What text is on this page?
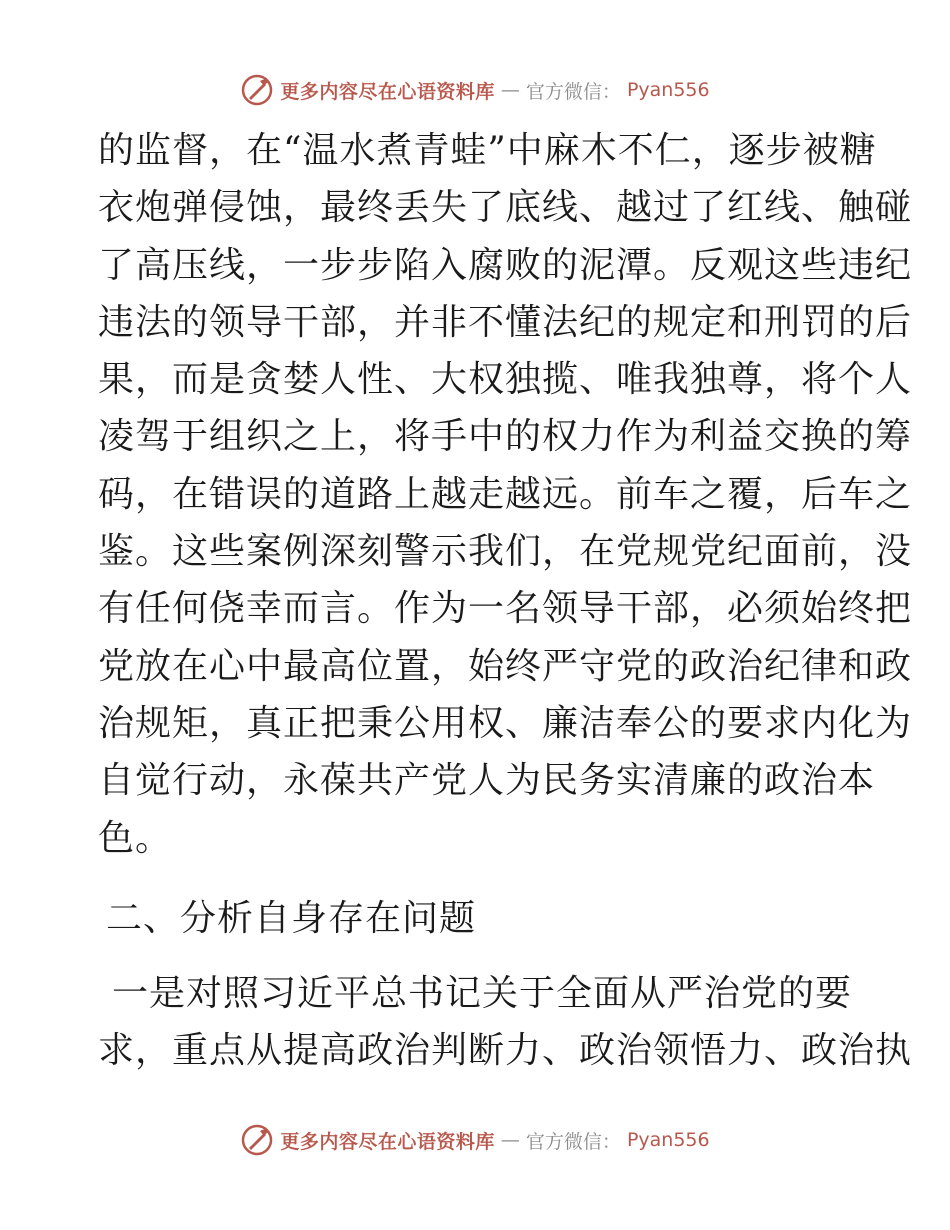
更多内容尽在心语资料库 — 官方微信： Pyan556
的监督，在“温水煮青蛙”中麻木不仁，逐步被糖
衣炮弹侵蚀，最终丢失了底线、越过了红线、触碰
了高压线，一步步陷入腐败的泥潭。反观这些违纪
违法的领导干部，并非不懂法纪的规定和刑罚的后
果，而是贪婪人性、大权独揽、唯我独尊，将个人
凌驾于组织之上，将手中的权力作为利益交换的筹
码，在错误的道路上越走越远。前车之覆，后车之
鉴。这些案例深刻警示我们，在党规党纪面前，没
有任何侥幸而言。作为一名领导干部，必须始终把
党放在心中最高位置，始终严守党的政治纪律和政
治规矩，真正把秉公用权、廉洁奉公的要求内化为
自觉行动，永葆共产党人为民务实清廉的政治本
色。
二、分析自身存在问题
一是对照习近平总书记关于全面从严治党的要
求，重点从提高政治判断力、政治领悟力、政治执
更多内容尽在心语资料库 — 官方微信： Pyan556
